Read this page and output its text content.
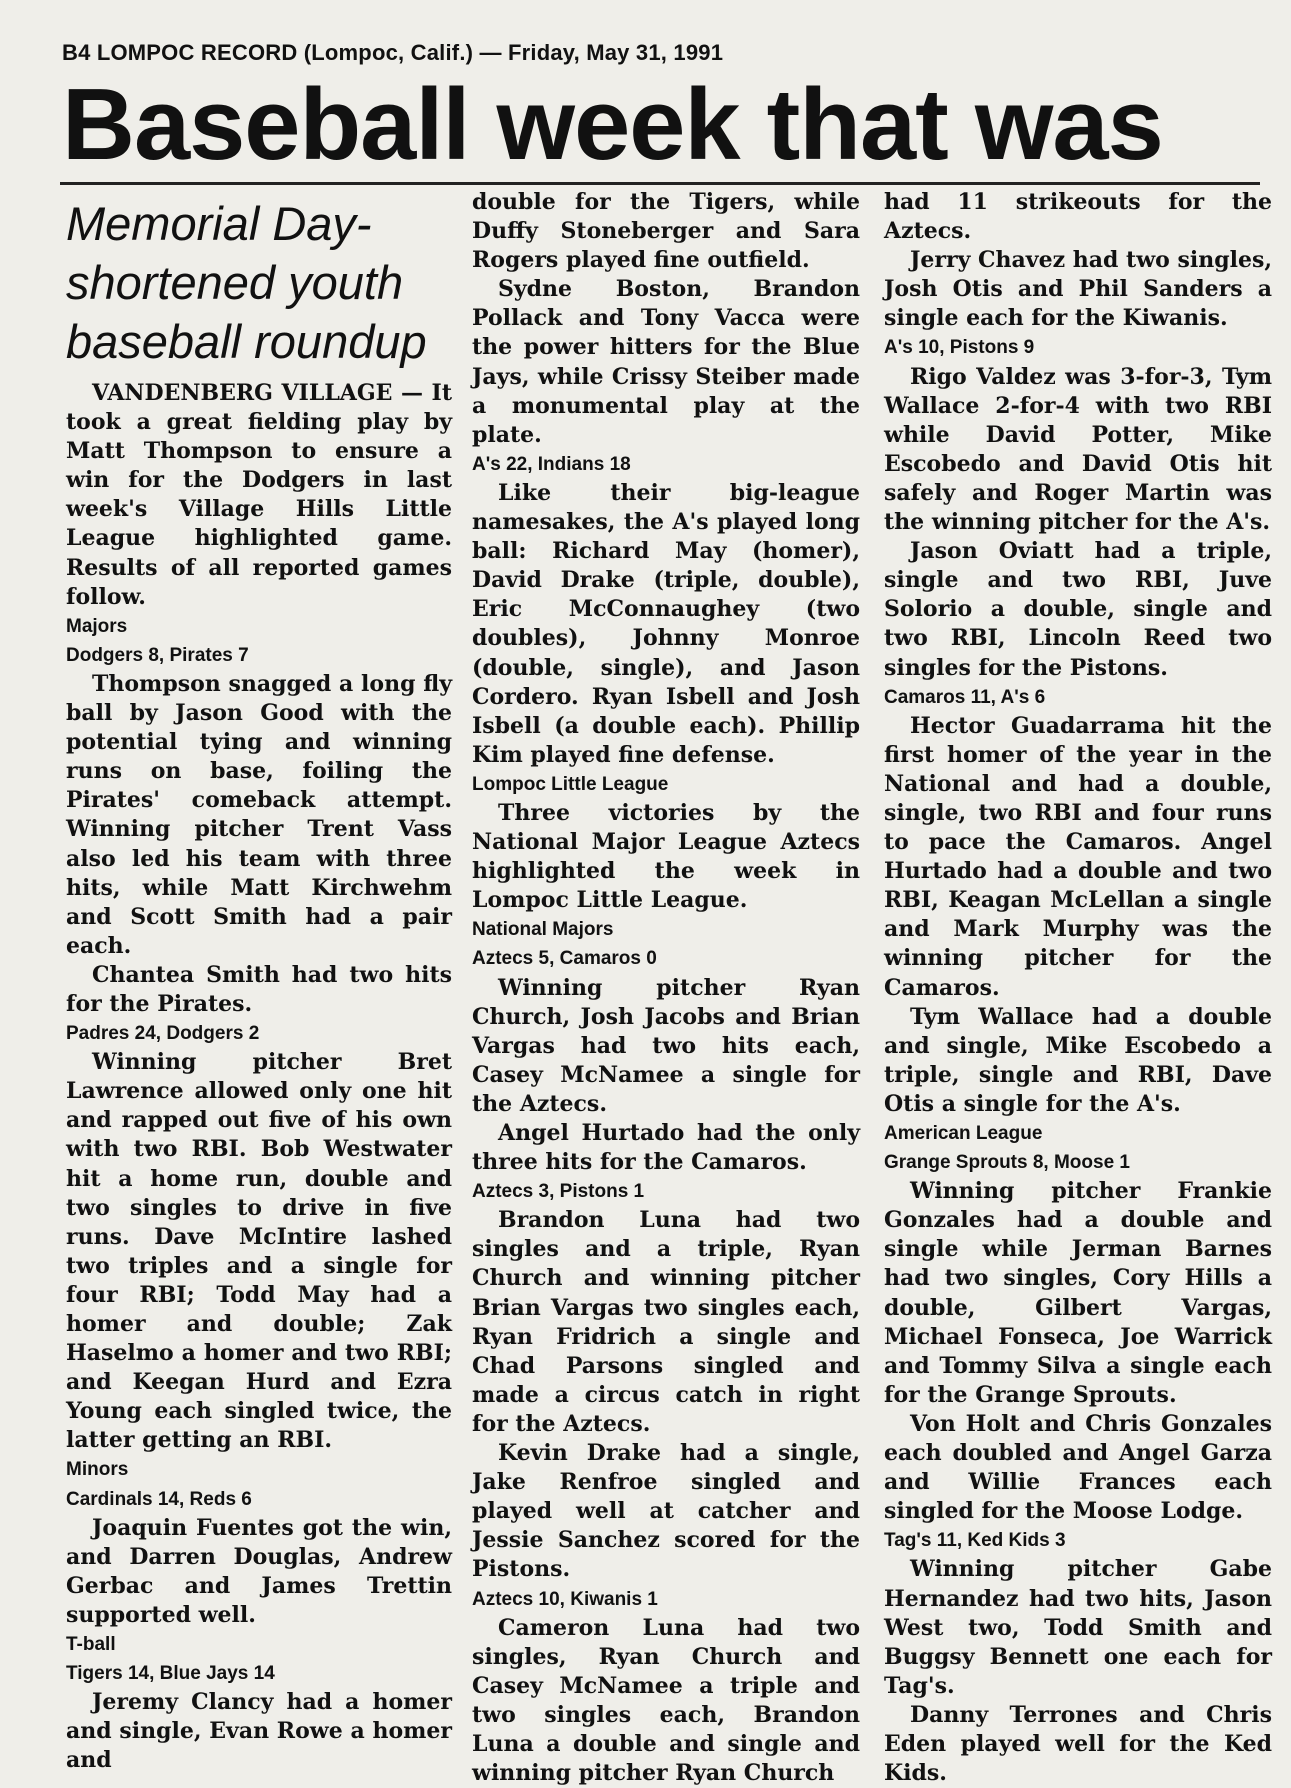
B4 LOMPOC RECORD (Lompoc, Calif.) — Friday, May 31, 1991
Baseball week that was
Memorial Day-
shortened youth
baseball roundup

VANDENBERG VILLAGE — It took a great fielding play by Matt Thompson to ensure a win for the Dodgers in last week's Village Hills Little League highlighted game. Results of all reported games follow.

Majors
Dodgers 8, Pirates 7

Thompson snagged a long fly ball by Jason Good with the potential tying and winning runs on base, foiling the Pirates' comeback attempt. Winning pitcher Trent Vass also led his team with three hits, while Matt Kirchwehm and Scott Smith had a pair each.

Chantea Smith had two hits for the Pirates.

Padres 24, Dodgers 2

Winning pitcher Bret Lawrence allowed only one hit and rapped out five of his own with two RBI. Bob Westwater hit a home run, double and two singles to drive in five runs. Dave McIntire lashed two triples and a single for four RBI; Todd May had a homer and double; Zak Haselmo a homer and two RBI; and Keegan Hurd and Ezra Young each singled twice, the latter getting an RBI.

Minors
Cardinals 14, Reds 6

Joaquin Fuentes got the win, and Darren Douglas, Andrew Gerbac and James Trettin supported well.

T-ball
Tigers 14, Blue Jays 14

Jeremy Clancy had a homer and single, Evan Rowe a homer and

double for the Tigers, while Duffy Stoneberger and Sara Rogers played fine outfield.

Sydne Boston, Brandon Pollack and Tony Vacca were the power hitters for the Blue Jays, while Crissy Steiber made a monumental play at the plate.

A's 22, Indians 18

Like their big-league namesakes, the A's played long ball: Richard May (homer), David Drake (triple, double), Eric McConnaughey (two doubles), Johnny Monroe (double, single), and Jason Cordero. Ryan Isbell and Josh Isbell (a double each). Phillip Kim played fine defense.

Lompoc Little League

Three victories by the National Major League Aztecs highlighted the week in Lompoc Little League.

National Majors
Aztecs 5, Camaros 0

Winning pitcher Ryan Church, Josh Jacobs and Brian Vargas had two hits each, Casey McNamee a single for the Aztecs.

Angel Hurtado had the only three hits for the Camaros.

Aztecs 3, Pistons 1

Brandon Luna had two singles and a triple, Ryan Church and winning pitcher Brian Vargas two singles each, Ryan Fridrich a single and Chad Parsons singled and made a circus catch in right for the Aztecs.

Kevin Drake had a single, Jake Renfroe singled and played well at catcher and Jessie Sanchez scored for the Pistons.

Aztecs 10, Kiwanis 1

Cameron Luna had two singles, Ryan Church and Casey McNamee a triple and two singles each, Brandon Luna a double and single and winning pitcher Ryan Church

had 11 strikeouts for the Aztecs.

Jerry Chavez had two singles, Josh Otis and Phil Sanders a single each for the Kiwanis.

A's 10, Pistons 9

Rigo Valdez was 3-for-3, Tym Wallace 2-for-4 with two RBI while David Potter, Mike Escobedo and David Otis hit safely and Roger Martin was the winning pitcher for the A's.

Jason Oviatt had a triple, single and two RBI, Juve Solorio a double, single and two RBI, Lincoln Reed two singles for the Pistons.

Camaros 11, A's 6

Hector Guadarrama hit the first homer of the year in the National and had a double, single, two RBI and four runs to pace the Camaros. Angel Hurtado had a double and two RBI, Keagan McLellan a single and Mark Murphy was the winning pitcher for the Camaros.

Tym Wallace had a double and single, Mike Escobedo a triple, single and RBI, Dave Otis a single for the A's.

American League
Grange Sprouts 8, Moose 1

Winning pitcher Frankie Gonzales had a double and single while Jerman Barnes had two singles, Cory Hills a double, Gilbert Vargas, Michael Fonseca, Joe Warrick and Tommy Silva a single each for the Grange Sprouts.

Von Holt and Chris Gonzales each doubled and Angel Garza and Willie Frances each singled for the Moose Lodge.

Tag's 11, Ked Kids 3

Winning pitcher Gabe Hernandez had two hits, Jason West two, Todd Smith and Buggsy Bennett one each for Tag's.

Danny Terrones and Chris Eden played well for the Ked Kids.
